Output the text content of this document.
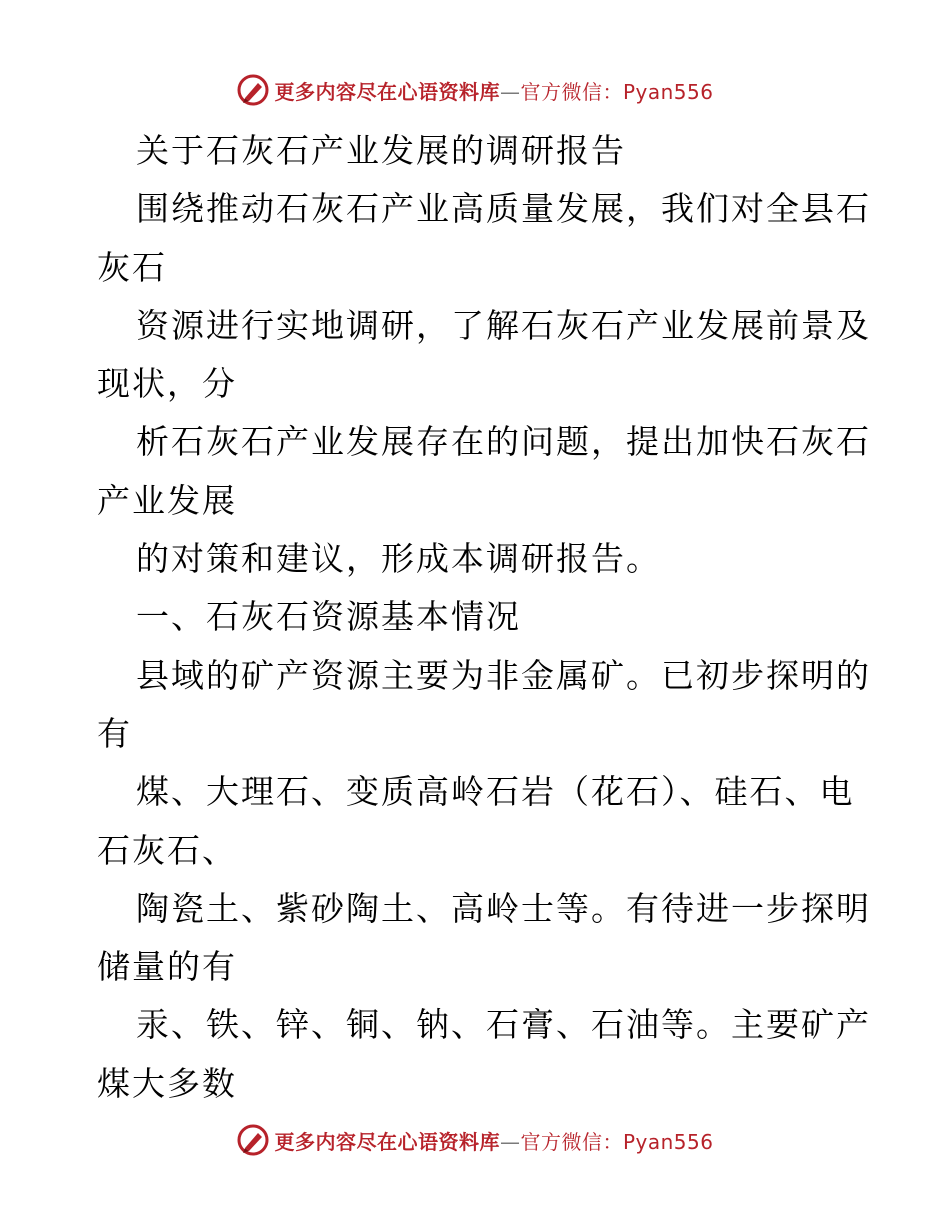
更多内容尽在心语资料库—官方微信：Pyan556
关于石灰石产业发展的调研报告
围绕推动石灰石产业高质量发展，我们对全县石
灰石
资源进行实地调研，了解石灰石产业发展前景及
现状，分
析石灰石产业发展存在的问题，提出加快石灰石
产业发展
的对策和建议，形成本调研报告。
一、石灰石资源基本情况
县域的矿产资源主要为非金属矿。已初步探明的
有
煤、大理石、变质高岭石岩（花石）、硅石、电
石灰石、
陶瓷土、紫砂陶土、高岭士等。有待进一步探明
储量的有
汞、铁、锌、铜、钠、石膏、石油等。主要矿产
煤大多数
更多内容尽在心语资料库—官方微信：Pyan556
